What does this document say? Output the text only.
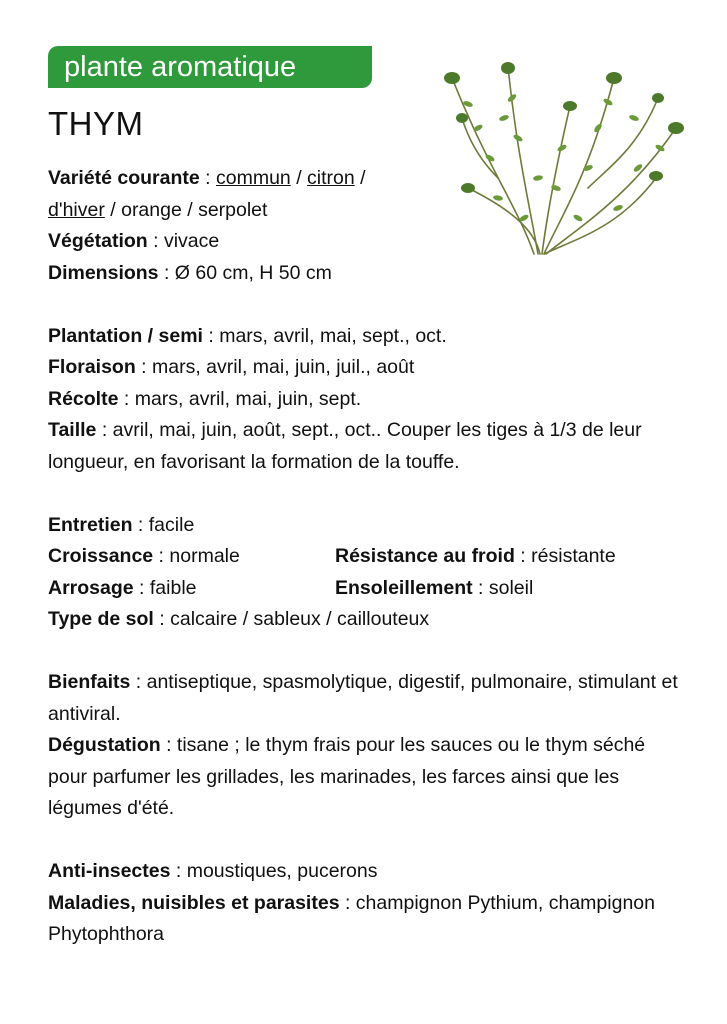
plante aromatique
THYM
Variété courante : commun / citron /
d'hiver / orange / serpolet
Végétation : vivace
Dimensions : Ø 60 cm, H 50 cm
Plantation / semi : mars, avril, mai, sept., oct.
Floraison : mars, avril, mai, juin, juil., août
Récolte : mars, avril, mai, juin, sept.
Taille : avril, mai, juin, août, sept., oct.. Couper les tiges à 1/3 de leur longueur, en favorisant la formation de la touffe.
Entretien : facile
Croissance : normale	Résistance au froid : résistante
Arrosage : faible	Ensoleillement : soleil
Type de sol : calcaire / sableux / caillouteux
Bienfaits : antiseptique, spasmolytique, digestif, pulmonaire, stimulant et antiviral.
Dégustation : tisane ; le thym frais pour les sauces ou le thym séché pour parfumer les grillades, les marinades, les farces ainsi que les légumes d'été.
Anti-insectes : moustiques, pucerons
Maladies, nuisibles et parasites : champignon Pythium, champignon Phytophthora
